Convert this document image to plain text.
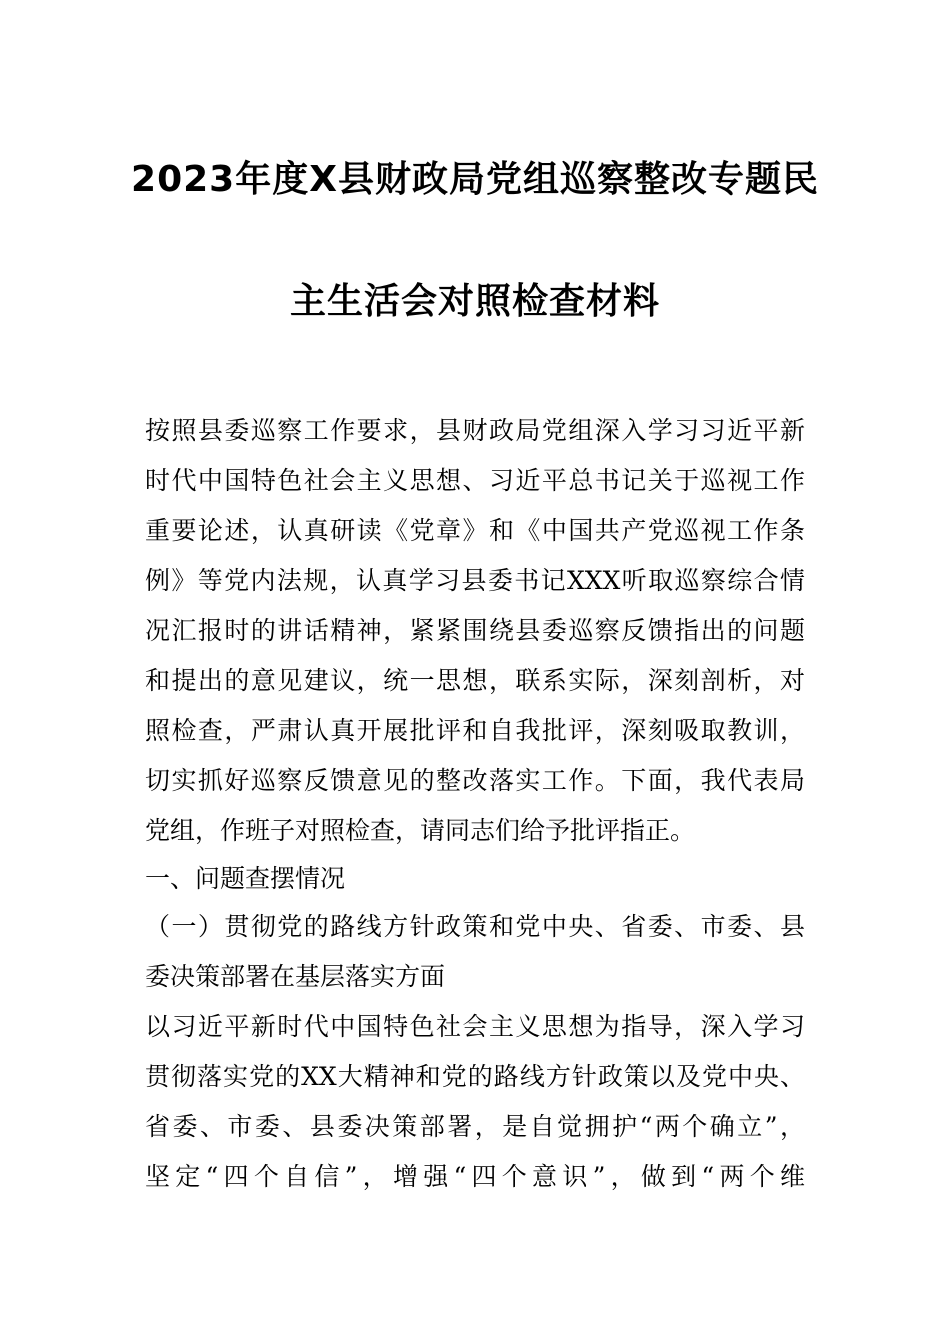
2023年度X县财政局党组巡察整改专题民
主生活会对照检查材料
按照县委巡察工作要求，县财政局党组深入学习习近平新
时代中国特色社会主义思想、习近平总书记关于巡视工作
重要论述，认真研读《党章》和《中国共产党巡视工作条
例》等党内法规，认真学习县委书记XXX听取巡察综合情
况汇报时的讲话精神，紧紧围绕县委巡察反馈指出的问题
和提出的意见建议，统一思想，联系实际，深刻剖析，对
照检查，严肃认真开展批评和自我批评，深刻吸取教训，
切实抓好巡察反馈意见的整改落实工作。下面，我代表局
党组，作班子对照检查，请同志们给予批评指正。
一、问题查摆情况
（一）贯彻党的路线方针政策和党中央、省委、市委、县
委决策部署在基层落实方面
以习近平新时代中国特色社会主义思想为指导，深入学习
贯彻落实党的XX大精神和党的路线方针政策以及党中央、
省委、市委、县委决策部署，是自觉拥护“两个确立”，
坚定“四个自信”，增强“四个意识”，做到“两个维
